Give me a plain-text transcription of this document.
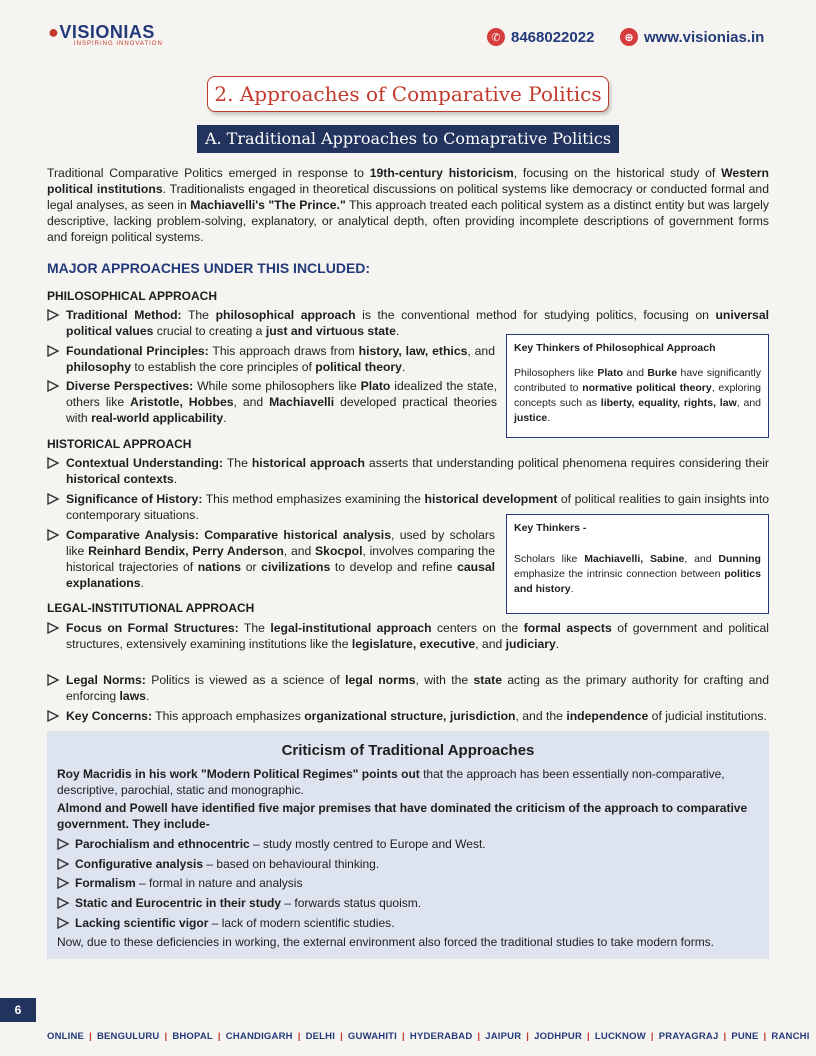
●VISIONIAS
INSPIRING INNOVATION
✆ 8468022022	⊕ www.visionias.in
2. Approaches of Comparative Politics
A. Traditional Approaches to Comaprative Politics
Traditional Comparative Politics emerged in response to 19th-century historicism, focusing on the historical study of Western political institutions. Traditionalists engaged in theoretical discussions on political systems like democracy or conducted formal and legal analyses, as seen in Machiavelli's "The Prince." This approach treated each political system as a distinct entity but was largely descriptive, lacking problem-solving, explanatory, or analytical depth, often providing incomplete descriptions of government forms and foreign political systems.
MAJOR APPROACHES UNDER THIS INCLUDED:
PHILOSOPHICAL APPROACH
Traditional Method: The philosophical approach is the conventional method for studying politics, focusing on universal political values crucial to creating a just and virtuous state.
Foundational Principles: This approach draws from history, law, ethics, and philosophy to establish the core principles of political theory.
Diverse Perspectives: While some philosophers like Plato idealized the state, others like Aristotle, Hobbes, and Machiavelli developed practical theories with real-world applicability.
Key Thinkers of Philosophical Approach
Philosophers like Plato and Burke have significantly contributed to normative political theory, exploring concepts such as liberty, equality, rights, law, and justice.
HISTORICAL APPROACH
Contextual Understanding: The historical approach asserts that understanding political phenomena requires considering their historical contexts.
Significance of History: This method emphasizes examining the historical development of political realities to gain insights into contemporary situations.
Comparative Analysis: Comparative historical analysis, used by scholars like Reinhard Bendix, Perry Anderson, and Skocpol, involves comparing the historical trajectories of nations or civilizations to develop and refine causal explanations.
Key Thinkers -
Scholars like Machiavelli, Sabine, and Dunning emphasize the intrinsic connection between politics and history.
LEGAL-INSTITUTIONAL APPROACH
Focus on Formal Structures: The legal-institutional approach centers on the formal aspects of government and political structures, extensively examining institutions like the legislature, executive, and judiciary.
Legal Norms: Politics is viewed as a science of legal norms, with the state acting as the primary authority for crafting and enforcing laws.
Key Concerns: This approach emphasizes organizational structure, jurisdiction, and the independence of judicial institutions.
Criticism of Traditional Approaches
Roy Macridis in his work "Modern Political Regimes" points out that the approach has been essentially non-comparative, descriptive, parochial, static and monographic.
Almond and Powell have identified five major premises that have dominated the criticism of the approach to comparative government. They include-
Parochialism and ethnocentric – study mostly centred to Europe and West.
Configurative analysis – based on behavioural thinking.
Formalism – formal in nature and analysis
Static and Eurocentric in their study – forwards status quoism.
Lacking scientific vigor – lack of modern scientific studies.
Now, due to these deficiencies in working, the external environment also forced the traditional studies to take modern forms.
6
ONLINE | BENGULURU | BHOPAL | CHANDIGARH | DELHI | GUWAHITI | HYDERABAD | JAIPUR | JODHPUR | LUCKNOW | PRAYAGRAJ | PUNE | RANCHI
